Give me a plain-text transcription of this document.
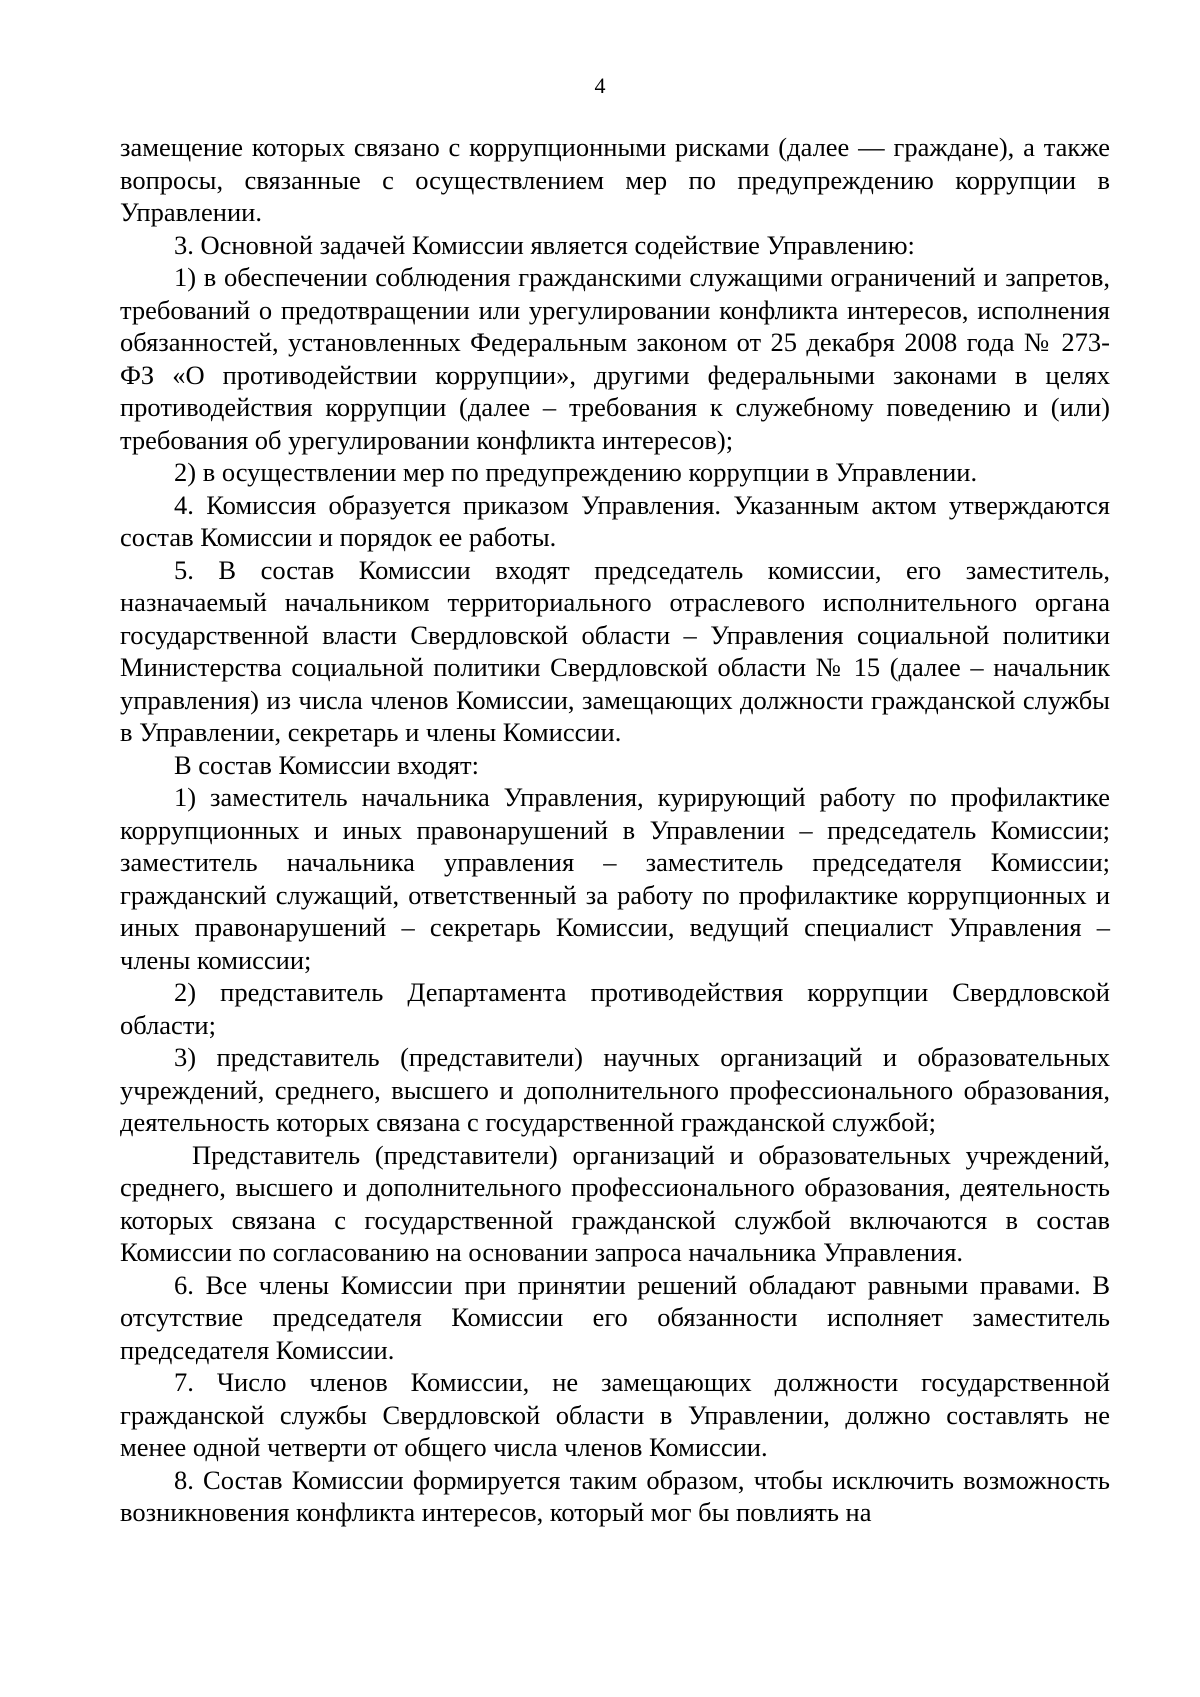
4

замещение которых связано с коррупционными рисками (далее — граждане), а также вопросы, связанные с осуществлением мер по предупреждению коррупции в Управлении.

3. Основной задачей Комиссии является содействие Управлению:

1) в обеспечении соблюдения гражданскими служащими ограничений и запретов, требований о предотвращении или урегулировании конфликта интересов, исполнения обязанностей, установленных Федеральным законом от 25 декабря 2008 года № 273-ФЗ «О противодействии коррупции», другими федеральными законами в целях противодействия коррупции (далее – требования к служебному поведению и (или) требования об урегулировании конфликта интересов);

2) в осуществлении мер по предупреждению коррупции в Управлении.

4. Комиссия образуется приказом Управления. Указанным актом утверждаются состав Комиссии и порядок ее работы.

5. В состав Комиссии входят председатель комиссии, его заместитель, назначаемый начальником территориального отраслевого исполнительного органа государственной власти Свердловской области – Управления социальной политики Министерства социальной политики Свердловской области № 15 (далее – начальник управления) из числа членов Комиссии, замещающих должности гражданской службы в Управлении, секретарь и члены Комиссии.

В состав Комиссии входят:

1) заместитель начальника Управления, курирующий работу по профилактике коррупционных и иных правонарушений в Управлении – председатель Комиссии; заместитель начальника управления – заместитель председателя Комиссии; гражданский служащий, ответственный за работу по профилактике коррупционных и иных правонарушений – секретарь Комиссии, ведущий специалист Управления – члены комиссии;

2) представитель Департамента противодействия коррупции Свердловской области;

3) представитель (представители) научных организаций и образовательных учреждений, среднего, высшего и дополнительного профессионального образования, деятельность которых связана с государственной гражданской службой;

Представитель (представители) организаций и образовательных учреждений, среднего, высшего и дополнительного профессионального образования, деятельность которых связана с государственной гражданской службой включаются в состав Комиссии по согласованию на основании запроса начальника Управления.

6. Все члены Комиссии при принятии решений обладают равными правами. В отсутствие председателя Комиссии его обязанности исполняет заместитель председателя Комиссии.

7. Число членов Комиссии, не замещающих должности государственной гражданской службы Свердловской области в Управлении, должно составлять не менее одной четверти от общего числа членов Комиссии.

8. Состав Комиссии формируется таким образом, чтобы исключить возможность возникновения конфликта интересов, который мог бы повлиять на
